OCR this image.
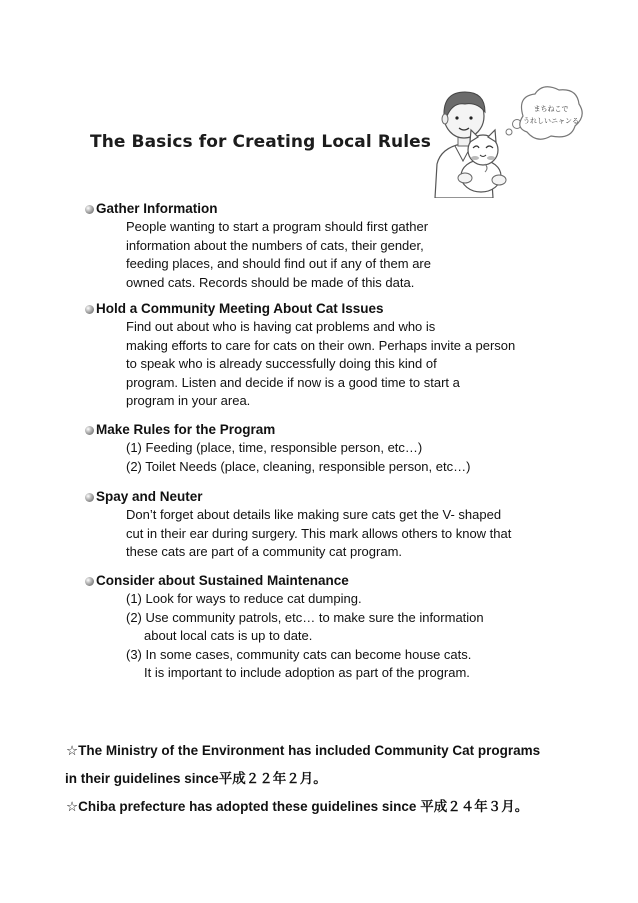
The Basics for Creating Local Rules
まちねこで
うれしいニャンる
Gather Information
People wanting to start a program should first gather
information about the numbers of cats, their gender,
feeding places, and should find out if any of them are
owned cats. Records should be made of this data.
Hold a Community Meeting About Cat Issues
Find out about who is having cat problems and who is
making efforts to care for cats on their own. Perhaps invite a person
to speak who is already successfully doing this kind of
program. Listen and decide if now is a good time to start a
program in your area.
Make Rules for the Program
(1) Feeding (place, time, responsible person, etc…)
(2) Toilet Needs (place, cleaning, responsible person, etc…)
Spay and Neuter
Don’t forget about details like making sure cats get the V- shaped
cut in their ear during surgery. This mark allows others to know that
these cats are part of a community cat program.
Consider about Sustained Maintenance
(1) Look for ways to reduce cat dumping.
(2) Use community patrols, etc… to make sure the information
about local cats is up to date.
(3) In some cases, community cats can become house cats.
It is important to include adoption as part of the program.
☆The Ministry of the Environment has included Community Cat programs
in their guidelines since平成２２年２月。
☆Chiba prefecture has adopted these guidelines since 平成２４年３月。
